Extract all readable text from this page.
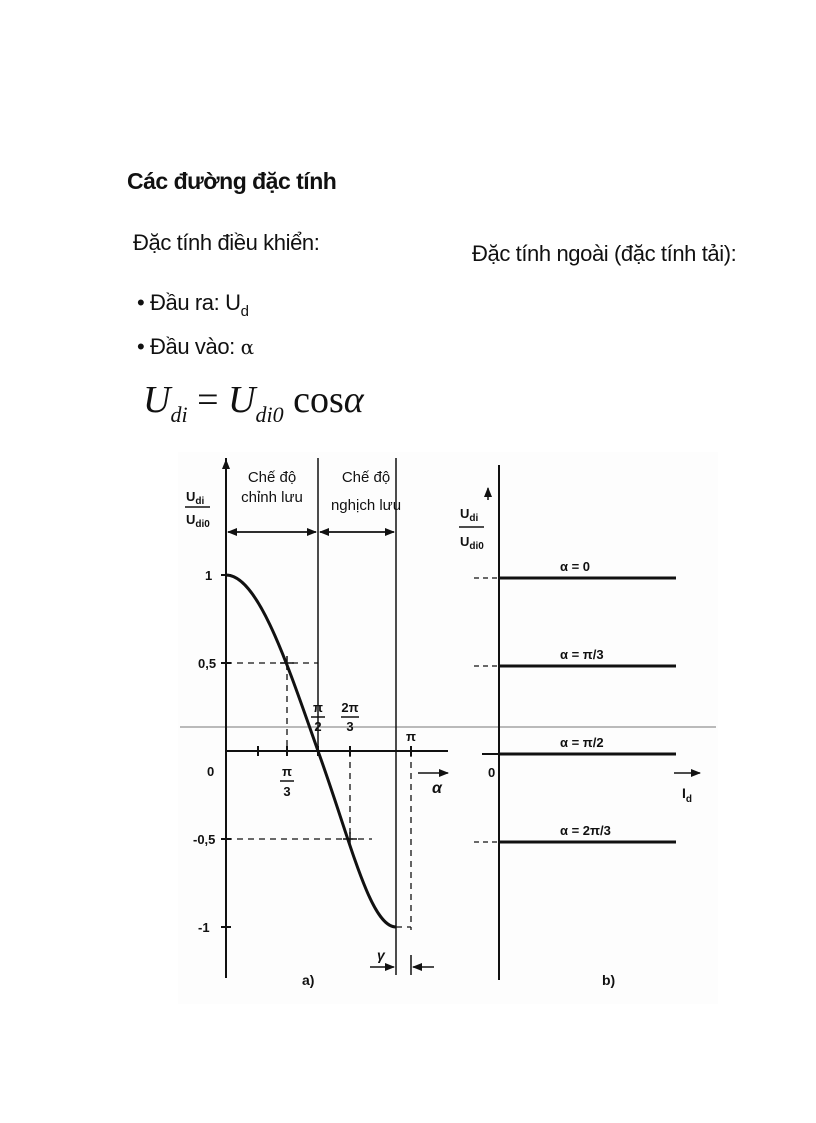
Các đường đặc tính
Đặc tính điều khiển:	Đặc tính ngoài (đặc tính tải):
• Đầu ra: $U_d$
• Đầu vào: α
$U_{di} = U_{di0}$ cosα
$U_{di}$
$U_{di0}$
Chế độ
chỉnh lưu
Chế độ
nghịch lưu
1
0,5
0
-0,5
-1
π
3
π
2
2π
3
π
α
γ
a)
$U_{di}$
$U_{di0}$
0
$I_d$
α = 0
α = π/3
α = π/2
α = 2π/3
b)
